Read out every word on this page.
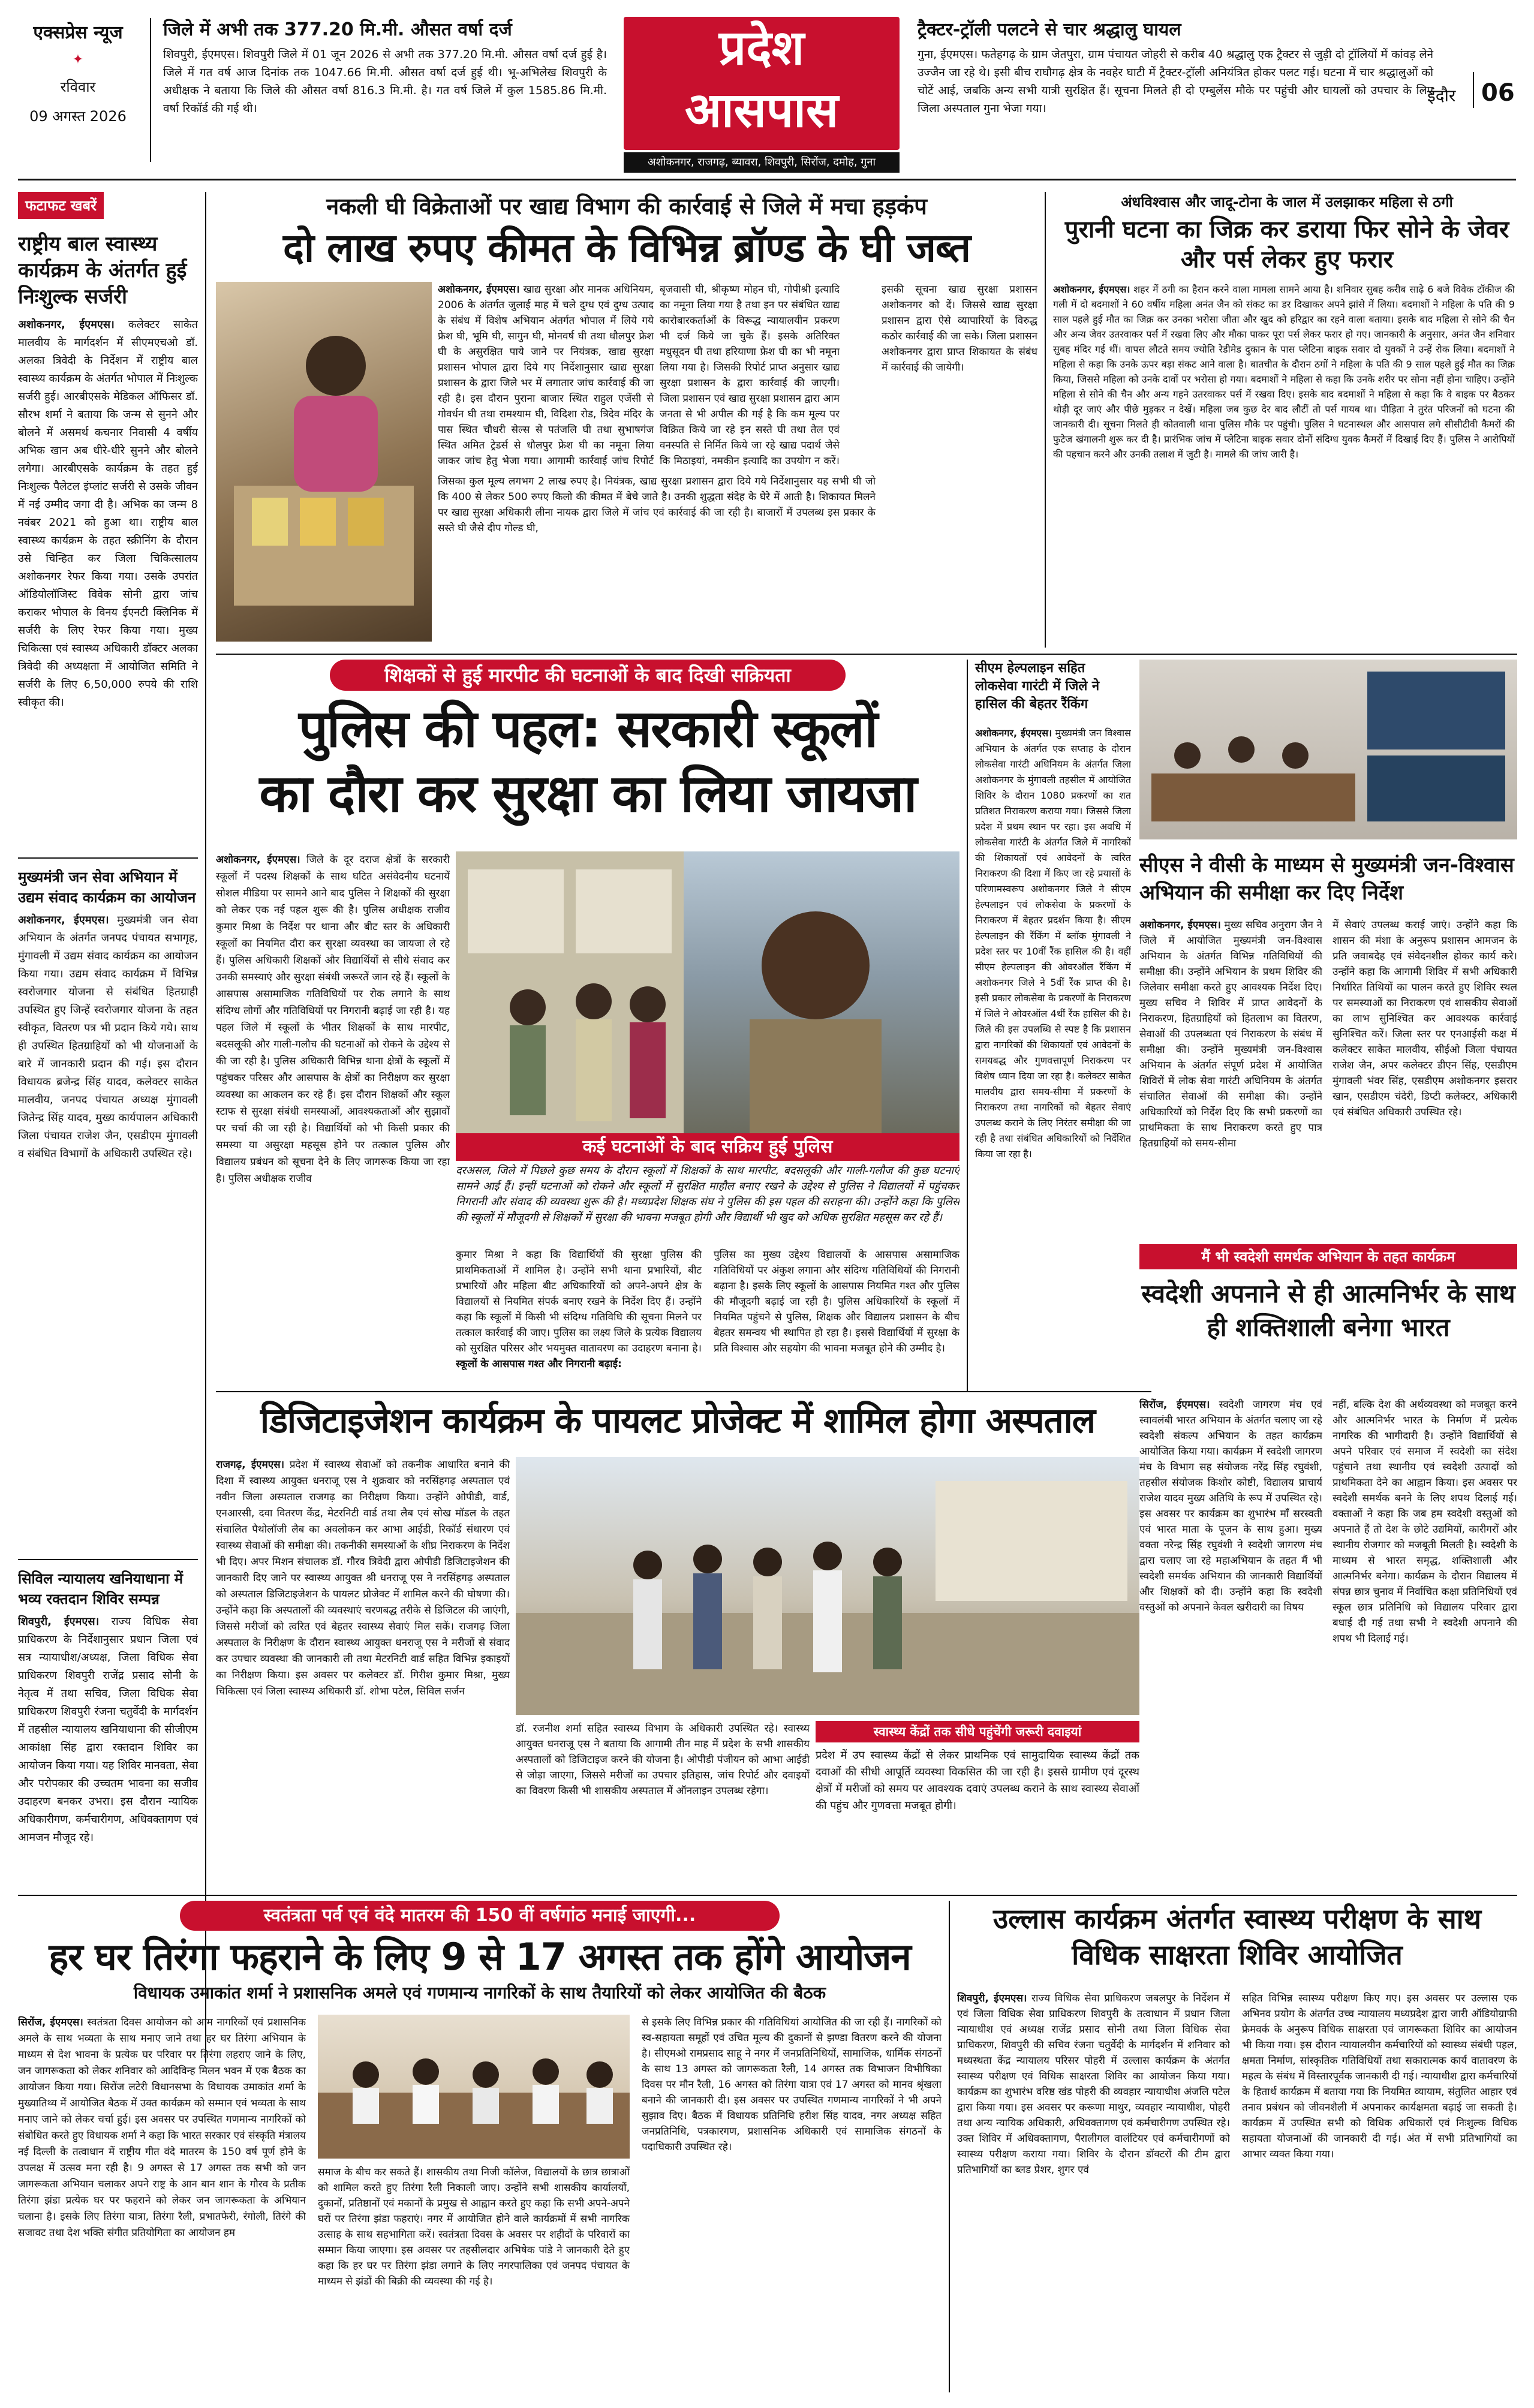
एक्सप्रेस न्यूज
✦
रविवार
09 अगस्त 2026
जिले में अभी तक 377.20 मि.मी. औसत वर्षा दर्ज
शिवपुरी, ईएमएस। शिवपुरी जिले में 01 जून 2026 से अभी तक 377.20 मि.मी. औसत वर्षा दर्ज हुई है। जिले में गत वर्ष आज दिनांक तक 1047.66 मि.मी. औसत वर्षा दर्ज हुई थी। भू-अभिलेख शिवपुरी के अधीक्षक ने बताया कि जिले की औसत वर्षा 816.3 मि.मी. है। गत वर्ष जिले में कुल 1585.86 मि.मी. वर्षा रिकॉर्ड की गई थी।
प्रदेश
आसपास
अशोकनगर, राजगढ़, ब्यावरा, शिवपुरी, सिरोंज, दमोह, गुना
ट्रैक्टर-ट्रॉली पलटने से चार श्रद्धालु घायल
गुना, ईएमएस। फतेहगढ़ के ग्राम जेतपुरा, ग्राम पंचायत जोहरी से करीब 40 श्रद्धालु एक ट्रैक्टर से जुड़ी दो ट्रॉलियों में कांवड़ लेने उज्जैन जा रहे थे। इसी बीच राघौगढ़ क्षेत्र के नवहेर घाटी में ट्रैक्टर-ट्रॉली अनियंत्रित होकर पलट गई। घटना में चार श्रद्धालुओं को चोटें आई, जबकि अन्य सभी यात्री सुरक्षित हैं। सूचना मिलते ही दो एम्बुलेंस मौके पर पहुंची और घायलों को उपचार के लिए जिला अस्पताल गुना भेजा गया।
इंदौर 06
फटाफट खबरें
राष्ट्रीय बाल स्वास्थ्य कार्यक्रम के अंतर्गत हुई निःशुल्क सर्जरी
अशोकनगर, ईएमएस। कलेक्टर साकेत मालवीय के मार्गदर्शन में सीएमएचओ डॉ. अलका त्रिवेदी के निर्देशन में राष्ट्रीय बाल स्वास्थ्य कार्यक्रम के अंतर्गत भोपाल में निःशुल्क सर्जरी हुई। आरबीएसके मेडिकल ऑफिसर डॉ. सौरभ शर्मा ने बताया कि जन्म से सुनने और बोलने में असमर्थ कचनार निवासी 4 वर्षीय अभिक खान अब धीरे-धीरे सुनने और बोलने लगेगा। आरबीएसके कार्यक्रम के तहत हुई निःशुल्क पैलेटल इंप्लांट सर्जरी से उसके जीवन में नई उम्मीद जगा दी है। अभिक का जन्म 8 नवंबर 2021 को हुआ था। राष्ट्रीय बाल स्वास्थ्य कार्यक्रम के तहत स्क्रीनिंग के दौरान उसे चिन्हित कर जिला चिकित्सालय अशोकनगर रेफर किया गया। उसके उपरांत ऑडियोलॉजिस्ट विवेक सोनी द्वारा जांच कराकर भोपाल के विनय ईएनटी क्लिनिक में सर्जरी के लिए रेफर किया गया। मुख्य चिकित्सा एवं स्वास्थ्य अधिकारी डॉक्टर अलका त्रिवेदी की अध्यक्षता में आयोजित समिति ने सर्जरी के लिए 6,50,000 रुपये की राशि स्वीकृत की।
मुख्यमंत्री जन सेवा अभियान में उद्यम संवाद कार्यक्रम का आयोजन
अशोकनगर, ईएमएस। मुख्यमंत्री जन सेवा अभियान के अंतर्गत जनपद पंचायत सभागृह, मुंगावली में उद्यम संवाद कार्यक्रम का आयोजन किया गया। उद्यम संवाद कार्यक्रम में विभिन्न स्वरोजगार योजना से संबंधित हितग्राही उपस्थित हुए जिन्हें स्वरोजगार योजना के तहत स्वीकृत, वितरण पत्र भी प्रदान किये गये। साथ ही उपस्थित हितग्राहियों को भी योजनाओं के बारे में जानकारी प्रदान की गई। इस दौरान विधायक ब्रजेन्द्र सिंह यादव, कलेक्टर साकेत मालवीय, जनपद पंचायत अध्यक्ष मुंगावली जितेन्द्र सिंह यादव, मुख्य कार्यपालन अधिकारी जिला पंचायत राजेश जैन, एसडीएम मुंगावली व संबंधित विभागों के अधिकारी उपस्थित रहे।
सिविल न्यायालय खनियाधाना में भव्य रक्तदान शिविर सम्पन्न
शिवपुरी, ईएमएस। राज्य विधिक सेवा प्राधिकरण के निर्देशानुसार प्रधान जिला एवं सत्र न्यायाधीश/अध्यक्ष, जिला विधिक सेवा प्राधिकरण शिवपुरी राजेंद्र प्रसाद सोनी के नेतृत्व में तथा सचिव, जिला विधिक सेवा प्राधिकरण शिवपुरी रंजना चतुर्वेदी के मार्गदर्शन में तहसील न्यायालय खनियाधाना की सीजीएम आकांक्षा सिंह द्वारा रक्तदान शिविर का आयोजन किया गया। यह शिविर मानवता, सेवा और परोपकार की उच्चतम भावना का सजीव उदाहरण बनकर उभरा। इस दौरान न्यायिक अधिकारीगण, कर्मचारीगण, अधिवक्तागण एवं आमजन मौजूद रहे।
नकली घी विक्रेताओं पर खाद्य विभाग की कार्रवाई से जिले में मचा हड़कंप
दो लाख रुपए कीमत के विभिन्न ब्रॉण्ड के घी जब्त
अशोकनगर, ईएमएस। खाद्य सुरक्षा और मानक अधिनियम, 2006 के अंतर्गत जुलाई माह में चले दुग्ध एवं दुग्ध उत्पाद के संबंध में विशेष अभियान अंतर्गत भोपाल में लिये गये फ्रेश घी, भूमि घी, सागुन घी, मोनवर्ष घी तथा धौलपुर फ्रेश घी के असुरक्षित पाये जाने पर नियंत्रक, खाद्य सुरक्षा प्रशासन भोपाल द्वारा दिये गए निर्देशानुसार खाद्य सुरक्षा प्रशासन के द्वारा जिले भर में लगातार जांच कार्रवाई की जा रही है। इस दौरान पुराना बाजार स्थित राहुल एजेंसी से गोवर्धन घी तथा रामश्याम घी, विदिशा रोड, त्रिदेव मंदिर के पास स्थित चौधरी सेल्स से पतंजलि घी तथा सुभाषगंज स्थित अमित ट्रेडर्स से धौलपुर फ्रेश घी का नमूना लिया जाकर जांच हेतु भेजा गया। आगामी कार्रवाई जांच रिपोर्ट
जिसका कुल मूल्य लगभग 2 लाख रुपए है। नियंत्रक, खाद्य सुरक्षा प्रशासन द्वारा दिये गये निर्देशानुसार यह सभी घी जो कि 400 से लेकर 500 रुपए किलो की कीमत में बेचे जाते है। उनकी शुद्धता संदेह के घेरे में आती है। शिकायत मिलने पर खाद्य सुरक्षा अधिकारी लीना नायक द्वारा जिले में जांच एवं कार्रवाई की जा रही है। बाजारों में उपलब्ध इस प्रकार के सस्ते घी जैसे दीप गोल्ड घी,
बृजवासी घी, श्रीकृष्ण मोहन घी, गोपीश्री इत्यादि का नमूना लिया गया है तथा इन पर संबंधित खाद्य कारोबारकर्ताओं के विरूद्ध न्यायालयीन प्रकरण भी दर्ज किये जा चुके हैं। इसके अतिरिक्त मधुसूदन घी तथा हरियाणा फ्रेश घी का भी नमूना लिया गया है। जिसकी रिपोर्ट प्राप्त अनुसार खाद्य सुरक्षा प्रशासन के द्वारा कार्रवाई की जाएगी। जिला प्रशासन एवं खाद्य सुरक्षा प्रशासन द्वारा आम जनता से भी अपील की गई है कि कम मूल्य पर विक्रित किये जा रहे इन सस्ते घी तथा तेल एवं वनस्पति से निर्मित किये जा रहे खाद्य पदार्थ जैसे कि मिठाइयां, नमकीन इत्यादि का उपयोग न करें।
इसकी सूचना खाद्य सुरक्षा प्रशासन अशोकनगर को दें। जिससे खाद्य सुरक्षा प्रशासन द्वारा ऐसे व्यापारियों के विरुद्ध कठोर कार्रवाई की जा सके। जिला प्रशासन अशोकनगर द्वारा प्राप्त शिकायत के संबंध में कार्रवाई की जायेगी।
अंधविश्वास और जादू-टोना के जाल में उलझाकर महिला से ठगी
पुरानी घटना का जिक्र कर डराया फिर सोने के जेवर और पर्स लेकर हुए फरार
अशोकनगर, ईएमएस। शहर में ठगी का हैरान करने वाला मामला सामने आया है। शनिवार सुबह करीब साढ़े 6 बजे विवेक टॉकीज की गली में दो बदमाशों ने 60 वर्षीय महिला अनंत जैन को संकट का डर दिखाकर अपने झांसे में लिया। बदमाशों ने महिला के पति की 9 साल पहले हुई मौत का जिक्र कर उनका भरोसा जीता और खुद को हरिद्वार का रहने वाला बताया। इसके बाद महिला से सोने की चैन और अन्य जेवर उतरवाकर पर्स में रखवा लिए और मौका पाकर पूरा पर्स लेकर फरार हो गए। जानकारी के अनुसार, अनंत जैन शनिवार सुबह मंदिर गई थीं। वापस लौटते समय ज्योति रेडीमेड दुकान के पास प्लेटिना बाइक सवार दो युवकों ने उन्हें रोक लिया। बदमाशों ने महिला से कहा कि उनके ऊपर बड़ा संकट आने वाला है। बातचीत के दौरान ठगों ने महिला के पति की 9 साल पहले हुई मौत का जिक्र किया, जिससे महिला को उनके दावों पर भरोसा हो गया। बदमाशों ने महिला से कहा कि उनके शरीर पर सोना नहीं होना चाहिए। उन्होंने महिला से सोने की चैन और अन्य गहने उतरवाकर पर्स में रखवा दिए। इसके बाद बदमाशों ने महिला से कहा कि वे बाइक पर बैठकर थोड़ी दूर जाएं और पीछे मुड़कर न देखें। महिला जब कुछ देर बाद लौटीं तो पर्स गायब था। पीड़िता ने तुरंत परिजनों को घटना की जानकारी दी। सूचना मिलते ही कोतवाली थाना पुलिस मौके पर पहुंची। पुलिस ने घटनास्थल और आसपास लगे सीसीटीवी कैमरों की फुटेज खंगालनी शुरू कर दी है। प्रारंभिक जांच में प्लेटिना बाइक सवार दोनों संदिग्ध युवक कैमरों में दिखाई दिए हैं। पुलिस ने आरोपियों की पहचान करने और उनकी तलाश में जुटी है। मामले की जांच जारी है।
शिक्षकों से हुई मारपीट की घटनाओं के बाद दिखी सक्रियता
पुलिस की पहल: सरकारी स्कूलों
का दौरा कर सुरक्षा का लिया जायजा
अशोकनगर, ईएमएस। जिले के दूर दराज क्षेत्रों के सरकारी स्कूलों में पदस्थ शिक्षकों के साथ घटित असंवेदनीय घटनायें सोशल मीडिया पर सामने आने बाद पुलिस ने शिक्षकों की सुरक्षा को लेकर एक नई पहल शुरू की है। पुलिस अधीक्षक राजीव कुमार मिश्रा के निर्देश पर थाना और बीट स्तर के अधिकारी स्कूलों का नियमित दौरा कर सुरक्षा व्यवस्था का जायजा ले रहे हैं। पुलिस अधिकारी शिक्षकों और विद्यार्थियों से सीधे संवाद कर उनकी समस्याएं और सुरक्षा संबंधी जरूरतें जान रहे हैं। स्कूलों के आसपास असामाजिक गतिविधियों पर रोक लगाने के साथ संदिग्ध लोगों और गतिविधियों पर निगरानी बढ़ाई जा रही है। यह पहल जिले में स्कूलों के भीतर शिक्षकों के साथ मारपीट, बदसलूकी और गाली-गलौच की घटनाओं को रोकने के उद्देश्य से की जा रही है। पुलिस अधिकारी विभिन्न थाना क्षेत्रों के स्कूलों में पहुंचकर परिसर और आसपास के क्षेत्रों का निरीक्षण कर सुरक्षा व्यवस्था का आकलन कर रहे हैं। इस दौरान शिक्षकों और स्कूल स्टाफ से सुरक्षा संबंधी समस्याओं, आवश्यकताओं और सुझावों पर चर्चा की जा रही है। विद्यार्थियों को भी किसी प्रकार की समस्या या असुरक्षा महसूस होने पर तत्काल पुलिस और विद्यालय प्रबंधन को सूचना देने के लिए जागरूक किया जा रहा है। पुलिस अधीक्षक राजीव
कई घटनाओं के बाद सक्रिय हुई पुलिस
दरअसल, जिले में पिछले कुछ समय के दौरान स्कूलों में शिक्षकों के साथ मारपीट, बदसलूकी और गाली-गलौज की कुछ घटनाएं सामने आई हैं। इन्हीं घटनाओं को रोकने और स्कूलों में सुरक्षित माहौल बनाए रखने के उद्देश्य से पुलिस ने विद्यालयों में पहुंचकर निगरानी और संवाद की व्यवस्था शुरू की है। मध्यप्रदेश शिक्षक संघ ने पुलिस की इस पहल की सराहना की। उन्होंने कहा कि पुलिस की स्कूलों में मौजूदगी से शिक्षकों में सुरक्षा की भावना मजबूत होगी और विद्यार्थी भी खुद को अधिक सुरक्षित महसूस कर रहे हैं।
कुमार मिश्रा ने कहा कि विद्यार्थियों की सुरक्षा पुलिस की प्राथमिकताओं में शामिल है। उन्होंने सभी थाना प्रभारियों, बीट प्रभारियों और महिला बीट अधिकारियों को अपने-अपने क्षेत्र के विद्यालयों से नियमित संपर्क बनाए रखने के निर्देश दिए हैं। उन्होंने कहा कि स्कूलों में किसी भी संदिग्ध गतिविधि की सूचना मिलने पर तत्काल कार्रवाई की जाए। पुलिस का लक्ष्य जिले के प्रत्येक विद्यालय को सुरक्षित परिसर और भयमुक्त वातावरण का उदाहरण बनाना है। स्कूलों के आसपास गश्त और निगरानी बढ़ाई:
पुलिस का मुख्य उद्देश्य विद्यालयों के आसपास असामाजिक गतिविधियों पर अंकुश लगाना और संदिग्ध गतिविधियों की निगरानी बढ़ाना है। इसके लिए स्कूलों के आसपास नियमित गश्त और पुलिस की मौजूदगी बढ़ाई जा रही है। पुलिस अधिकारियों के स्कूलों में नियमित पहुंचने से पुलिस, शिक्षक और विद्यालय प्रशासन के बीच बेहतर समन्वय भी स्थापित हो रहा है। इससे विद्यार्थियों में सुरक्षा के प्रति विश्वास और सहयोग की भावना मजबूत होने की उम्मीद है।
सीएम हेल्पलाइन सहित लोकसेवा गारंटी में जिले ने हासिल की बेहतर रैंकिंग
अशोकनगर, ईएमएस। मुख्यमंत्री जन विश्वास अभियान के अंतर्गत एक सप्ताह के दौरान लोकसेवा गारंटी अधिनियम के अंतर्गत जिला अशोकनगर के मुंगावली तहसील में आयोजित शिविर के दौरान 1080 प्रकरणों का शत प्रतिशत निराकरण कराया गया। जिससे जिला प्रदेश में प्रथम स्थान पर रहा। इस अवधि में लोकसेवा गारंटी के अंतर्गत जिले में नागरिकों की शिकायतों एवं आवेदनों के त्वरित निराकरण की दिशा में किए जा रहे प्रयासों के परिणामस्वरूप अशोकनगर जिले ने सीएम हेल्पलाइन एवं लोकसेवा के प्रकरणों के निराकरण में बेहतर प्रदर्शन किया है। सीएम हेल्पलाइन की रैंकिंग में ब्लॉक मुंगावली ने प्रदेश स्तर पर 10वीं रैंक हासिल की है। वहीं सीएम हेल्पलाइन की ओवरऑल रैंकिंग में अशोकनगर जिले ने 5वीं रैंक प्राप्त की है। इसी प्रकार लोकसेवा के प्रकरणों के निराकरण में जिले ने ओवरऑल 4थीं रैंक हासिल की है। जिले की इस उपलब्धि से स्पष्ट है कि प्रशासन द्वारा नागरिकों की शिकायतों एवं आवेदनों के समयबद्ध और गुणवत्तापूर्ण निराकरण पर विशेष ध्यान दिया जा रहा है। कलेक्टर साकेत मालवीय द्वारा समय-सीमा में प्रकरणों के निराकरण तथा नागरिकों को बेहतर सेवाएं उपलब्ध कराने के लिए निरंतर समीक्षा की जा रही है तथा संबंधित अधिकारियों को निर्देशित किया जा रहा है।
सीएस ने वीसी के माध्यम से मुख्यमंत्री जन-विश्वास अभियान की समीक्षा कर दिए निर्देश
अशोकनगर, ईएमएस। मुख्य सचिव अनुराग जैन ने जिले में आयोजित मुख्यमंत्री जन-विश्वास अभियान के अंतर्गत विभिन्न गतिविधियों की समीक्षा की। उन्होंने अभियान के प्रथम शिविर की जिलेवार समीक्षा करते हुए आवश्यक निर्देश दिए। मुख्य सचिव ने शिविर में प्राप्त आवेदनों के निराकरण, हितग्राहियों को हितलाभ का वितरण, सेवाओं की उपलब्धता एवं निराकरण के संबंध में समीक्षा की। उन्होंने मुख्यमंत्री जन-विश्वास अभियान के अंतर्गत संपूर्ण प्रदेश में आयोजित शिविरों में लोक सेवा गारंटी अधिनियम के अंतर्गत संचालित सेवाओं की समीक्षा की। उन्होंने अधिकारियों को निर्देश दिए कि सभी प्रकरणों का प्राथमिकता के साथ निराकरण करते हुए पात्र हितग्राहियों को समय-सीमा
में सेवाएं उपलब्ध कराई जाएं। उन्होंने कहा कि शासन की मंशा के अनुरूप प्रशासन आमजन के प्रति जवाबदेह एवं संवेदनशील होकर कार्य करे। उन्होंने कहा कि आगामी शिविर में सभी अधिकारी निर्धारित तिथियों का पालन करते हुए शिविर स्थल पर समस्याओं का निराकरण एवं शासकीय सेवाओं का लाभ सुनिश्चित कर आवश्यक कार्रवाई सुनिश्चित करें। जिला स्तर पर एनआईसी कक्ष में कलेक्टर साकेत मालवीय, सीईओ जिला पंचायत राजेश जैन, अपर कलेक्टर डीएन सिंह, एसडीएम मुंगावली भंवर सिंह, एसडीएम अशोकनगर इसरार खान, एसडीएम चंदेरी, डिप्टी कलेक्टर, अधिकारी एवं संबंधित अधिकारी उपस्थित रहे।
मैं भी स्वदेशी समर्थक अभियान के तहत कार्यक्रम
स्वदेशी अपनाने से ही आत्मनिर्भर के साथ ही शक्तिशाली बनेगा भारत
डिजिटाइजेशन कार्यक्रम के पायलट प्रोजेक्ट में शामिल होगा अस्पताल
राजगढ़, ईएमएस। प्रदेश में स्वास्थ्य सेवाओं को तकनीक आधारित बनाने की दिशा में स्वास्थ्य आयुक्त धनराजू एस ने शुक्रवार को नरसिंहगढ़ अस्पताल एवं नवीन जिला अस्पताल राजगढ़ का निरीक्षण किया। उन्होंने ओपीडी, वार्ड, एनआरसी, दवा वितरण केंद्र, मेटरनिटी वार्ड तथा लैब एवं सोख मॉडल के तहत संचालित पैथोलॉजी लैब का अवलोकन कर आभा आईडी, रिकॉर्ड संधारण एवं स्वास्थ्य सेवाओं की समीक्षा की। तकनीकी समस्याओं के शीघ्र निराकरण के निर्देश भी दिए। अपर मिशन संचालक डॉ. गौरव त्रिवेदी द्वारा ओपीडी डिजिटाइजेशन की जानकारी दिए जाने पर स्वास्थ्य आयुक्त श्री धनराजू एस ने नरसिंहगढ़ अस्पताल को अस्पताल डिजिटाइजेशन के पायलट प्रोजेक्ट में शामिल करने की घोषणा की। उन्होंने कहा कि अस्पतालों की व्यवस्थाएं चरणबद्ध तरीके से डिजिटल की जाएंगी, जिससे मरीजों को त्वरित एवं बेहतर स्वास्थ्य सेवाएं मिल सकें। राजगढ़ जिला अस्पताल के निरीक्षण के दौरान स्वास्थ्य आयुक्त धनराजू एस ने मरीजों से संवाद कर उपचार व्यवस्था की जानकारी ली तथा मेटरनिटी वार्ड सहित विभिन्न इकाइयों का निरीक्षण किया। इस अवसर पर कलेक्टर डॉ. गिरीश कुमार मिश्रा, मुख्य चिकित्सा एवं जिला स्वास्थ्य अधिकारी डॉ. शोभा पटेल, सिविल सर्जन
डॉ. रजनीश शर्मा सहित स्वास्थ्य विभाग के अधिकारी उपस्थित रहे। स्वास्थ्य आयुक्त धनराजू एस ने बताया कि आगामी तीन माह में प्रदेश के सभी शासकीय अस्पतालों को डिजिटाइज करने की योजना है। ओपीडी पंजीयन को आभा आईडी से जोड़ा जाएगा, जिससे मरीजों का उपचार इतिहास, जांच रिपोर्ट और दवाइयों का विवरण किसी भी शासकीय अस्पताल में ऑनलाइन उपलब्ध रहेगा।
स्वास्थ्य केंद्रों तक सीधे पहुंचेंगी जरूरी दवाइयां
प्रदेश में उप स्वास्थ्य केंद्रों से लेकर प्राथमिक एवं सामुदायिक स्वास्थ्य केंद्रों तक दवाओं की सीधी आपूर्ति व्यवस्था विकसित की जा रही है। इससे ग्रामीण एवं दूरस्थ क्षेत्रों में मरीजों को समय पर आवश्यक दवाएं उपलब्ध कराने के साथ स्वास्थ्य सेवाओं की पहुंच और गुणवत्ता मजबूत होगी।
सिरोंज, ईएमएस। स्वदेशी जागरण मंच एवं स्वावलंबी भारत अभियान के अंतर्गत चलाए जा रहे स्वदेशी संकल्प अभियान के तहत कार्यक्रम आयोजित किया गया। कार्यक्रम में स्वदेशी जागरण मंच के विभाग सह संयोजक नरेंद्र सिंह रघुवंशी, तहसील संयोजक किशोर कोष्टी, विद्यालय प्राचार्य राजेश यादव मुख्य अतिथि के रूप में उपस्थित रहे। इस अवसर पर कार्यक्रम का शुभारंभ माँ सरस्वती एवं भारत माता के पूजन के साथ हुआ। मुख्य वक्ता नरेन्द्र सिंह रघुवंशी ने स्वदेशी जागरण मंच द्वारा चलाए जा रहे महाअभियान के तहत मैं भी स्वदेशी समर्थक अभियान की जानकारी विद्यार्थियों और शिक्षकों को दी। उन्होंने कहा कि स्वदेशी वस्तुओं को अपनाने केवल खरीदारी का विषय
नहीं, बल्कि देश की अर्थव्यवस्था को मजबूत करने और आत्मनिर्भर भारत के निर्माण में प्रत्येक नागरिक की भागीदारी है। उन्होंने विद्यार्थियों से अपने परिवार एवं समाज में स्वदेशी का संदेश पहुंचाने तथा स्थानीय एवं स्वदेशी उत्पादों को प्राथमिकता देने का आह्वान किया। इस अवसर पर स्वदेशी समर्थक बनने के लिए शपथ दिलाई गई। वक्ताओं ने कहा कि जब हम स्वदेशी वस्तुओं को अपनाते हैं तो देश के छोटे उद्यमियों, कारीगरों और स्थानीय रोजगार को मजबूती मिलती है। स्वदेशी के माध्यम से भारत समृद्ध, शक्तिशाली और आत्मनिर्भर बनेगा। कार्यक्रम के दौरान विद्यालय में संपन्न छात्र चुनाव में निर्वाचित कक्षा प्रतिनिधियों एवं स्कूल छात्र प्रतिनिधि को विद्यालय परिवार द्वारा बधाई दी गई तथा सभी ने स्वदेशी अपनाने की शपथ भी दिलाई गई।
स्वतंत्रता पर्व एवं वंदे मातरम की 150 वीं वर्षगांठ मनाई जाएगी...
हर घर तिरंगा फहराने के लिए 9 से 17 अगस्त तक होंगे आयोजन
विधायक उमाकांत शर्मा ने प्रशासनिक अमले एवं गणमान्य नागरिकों के साथ तैयारियों को लेकर आयोजित की बैठक
सिरोंज, ईएमएस। स्वतंत्रता दिवस आयोजन को आम नागरिकों एवं प्रशासनिक अमले के साथ भव्यता के साथ मनाए जाने तथा हर घर तिरंगा अभियान के माध्यम से देश भावना के प्रत्येक घर परिवार पर तिरंगा लहराए जाने के लिए, जन जागरूकता को लेकर शनिवार को आदिविन्ह मिलन भवन में एक बैठक का आयोजन किया गया। सिरोंज लटेरी विधानसभा के विधायक उमाकांत शर्मा के मुख्यातिथ्य में आयोजित बैठक में उक्त कार्यक्रम को सम्मान एवं भव्यता के साथ मनाए जाने को लेकर चर्चा हुई। इस अवसर पर उपस्थित गणमान्य नागरिकों को संबोधित करते हुए विधायक शर्मा ने कहा कि भारत सरकार एवं संस्कृति मंत्रालय नई दिल्ली के तत्वाधान में राष्ट्रीय गीत वंदे मातरम के 150 वर्ष पूर्ण होने के उपलक्ष में उत्सव मना रही है। 9 अगस्त से 17 अगस्त तक सभी को जन जागरूकता अभियान चलाकर अपने राष्ट्र के आन बान शान के गौरव के प्रतीक तिरंगा झंडा प्रत्येक घर पर फहराने को लेकर जन जागरूकता के अभियान चलाना है। इसके लिए तिरंगा यात्रा, तिरंगा रैली, प्रभातफेरी, रंगोली, तिरंगे की सजावट तथा देश भक्ति संगीत प्रतियोगिता का आयोजन हम
समाज के बीच कर सकते हैं। शासकीय तथा निजी कॉलेज, विद्यालयों के छात्र छात्राओं को शामिल करते हुए तिरंगा रैली निकाली जाए। उन्होंने सभी शासकीय कार्यालयों, दुकानों, प्रतिष्ठानों एवं मकानों के प्रमुख से आह्वान करते हुए कहा कि सभी अपने-अपने घरों पर तिरंगा झंडा फहराएं। नगर में आयोजित होने वाले कार्यक्रमों में सभी नागरिक उत्साह के साथ सहभागिता करें। स्वतंत्रता दिवस के अवसर पर शहीदों के परिवारों का सम्मान किया जाएगा। इस अवसर पर तहसीलदार अभिषेक पांडे ने जानकारी देते हुए कहा कि हर घर पर तिरंगा झंडा लगाने के लिए नगरपालिका एवं जनपद पंचायत के माध्यम से झंडों की बिक्री की व्यवस्था की गई है।
से इसके लिए विभिन्न प्रकार की गतिविधियां आयोजित की जा रही हैं। नागरिकों को स्व-सहायता समूहों एवं उचित मूल्य की दुकानों से झण्डा वितरण करने की योजना है। सीएमओ रामप्रसाद साहू ने नगर में जनप्रतिनिधियों, सामाजिक, धार्मिक संगठनों के साथ 13 अगस्त को जागरूकता रैली, 14 अगस्त तक विभाजन विभीषिका दिवस पर मौन रैली, 16 अगस्त को तिरंगा यात्रा एवं 17 अगस्त को मानव श्रृंखला बनाने की जानकारी दी। इस अवसर पर उपस्थित गणमान्य नागरिकों ने भी अपने सुझाव दिए। बैठक में विधायक प्रतिनिधि हरीश सिंह यादव, नगर अध्यक्ष सहित जनप्रतिनिधि, पत्रकारगण, प्रशासनिक अधिकारी एवं सामाजिक संगठनों के पदाधिकारी उपस्थित रहे।
उल्लास कार्यक्रम अंतर्गत स्वास्थ्य परीक्षण के साथ विधिक साक्षरता शिविर आयोजित
शिवपुरी, ईएमएस। राज्य विधिक सेवा प्राधिकरण जबलपुर के निर्देशन में एवं जिला विधिक सेवा प्राधिकरण शिवपुरी के तत्वाधान में प्रधान जिला न्यायाधीश एवं अध्यक्ष राजेंद्र प्रसाद सोनी तथा जिला विधिक सेवा प्राधिकरण, शिवपुरी की सचिव रंजना चतुर्वेदी के मार्गदर्शन में शनिवार को मध्यस्थता केंद्र न्यायालय परिसर पोहरी में उल्लास कार्यक्रम के अंतर्गत स्वास्थ्य परीक्षण एवं विधिक साक्षरता शिविर का आयोजन किया गया। कार्यक्रम का शुभारंभ वरिष्ठ खंड पोहरी की व्यवहार न्यायाधीश अंजलि पटेल द्वारा किया गया। इस अवसर पर करूणा माथुर, व्यवहार न्यायाधीश, पोहरी तथा अन्य न्यायिक अधिकारी, अधिवक्तागण एवं कर्मचारीगण उपस्थित रहे। उक्त शिविर में अधिवक्तागण, पैरालीगल वालंटियर एवं कर्मचारीगणों को स्वास्थ्य परीक्षण कराया गया। शिविर के दौरान डॉक्टरों की टीम द्वारा प्रतिभागियों का ब्लड प्रेशर, शुगर एवं
सहित विभिन्न स्वास्थ्य परीक्षण किए गए। इस अवसर पर उल्लास एक अभिनव प्रयोग के अंतर्गत उच्च न्यायालय मध्यप्रदेश द्वारा जारी ऑडियोग्राफी फ्रेमवर्क के अनुरूप विधिक साक्षरता एवं जागरूकता शिविर का आयोजन भी किया गया। इस दौरान न्यायालयीन कर्मचारियों को स्वास्थ्य संबंधी पहल, क्षमता निर्माण, सांस्कृतिक गतिविधियों तथा सकारात्मक कार्य वातावरण के महत्व के संबंध में विस्तारपूर्वक जानकारी दी गई। न्यायाधीश द्वारा कर्मचारियों के हितार्थ कार्यक्रम में बताया गया कि नियमित व्यायाम, संतुलित आहार एवं तनाव प्रबंधन को जीवनशैली में अपनाकर कार्यक्षमता बढ़ाई जा सकती है। कार्यक्रम में उपस्थित सभी को विधिक अधिकारों एवं निःशुल्क विधिक सहायता योजनाओं की जानकारी दी गई। अंत में सभी प्रतिभागियों का आभार व्यक्त किया गया।
